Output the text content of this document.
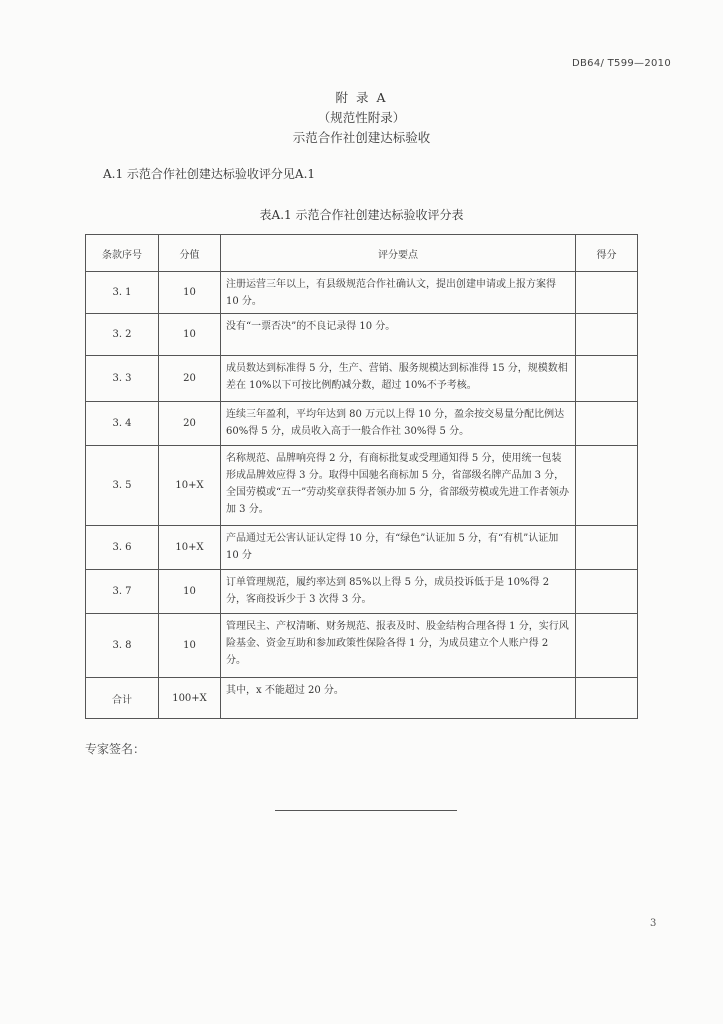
DB64/ T599—2010
附 录 A
（规范性附录）
示范合作社创建达标验收
A.1 示范合作社创建达标验收评分见A.1
表A.1 示范合作社创建达标验收评分表
条款序号	分值	评分要点	得分
3. 1	10	注册运营三年以上，有县级规范合作社确认文，提出创建申请或上报方案得 10 分。	
3. 2	10	没有“一票否决”的不良记录得 10 分。	
3. 3	20	成员数达到标准得 5 分，生产、营销、服务规模达到标准得 15 分，规模数相差在 10%以下可按比例酌减分数，超过 10%不予考核。	
3. 4	20	连续三年盈利，平均年达到 80 万元以上得 10 分，盈余按交易量分配比例达 60%得 5 分，成员收入高于一般合作社 30%得 5 分。	
3. 5	10+X	名称规范、品牌响亮得 2 分，有商标批复或受理通知得 5 分，使用统一包装形成品牌效应得 3 分。取得中国驰名商标加 5 分，省部级名牌产品加 3 分，全国劳模或“五一”劳动奖章获得者领办加 5 分，省部级劳模或先进工作者领办加 3 分。	
3. 6	10+X	产品通过无公害认证认定得 10 分，有“绿色”认证加 5 分，有“有机”认证加 10 分	
3. 7	10	订单管理规范，履约率达到 85%以上得 5 分，成员投诉低于是 10%得 2 分，客商投诉少于 3 次得 3 分。	
3. 8	10	管理民主、产权清晰、财务规范、报表及时、股金结构合理各得 1 分，实行风险基金、资金互助和参加政策性保险各得 1 分，为成员建立个人账户得 2 分。	
合计	100+X	其中，x 不能超过 20 分。	
专家签名：
3
